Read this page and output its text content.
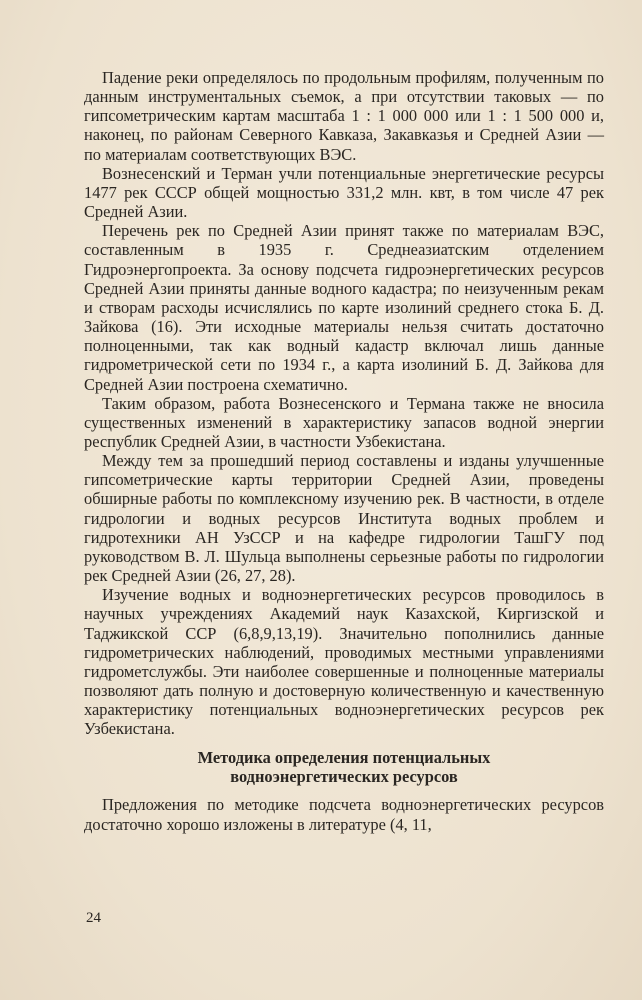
Падение реки определялось по продольным профилям, полученным по данным инструментальных съемок, а при отсутствии таковых — по гипсометрическим картам масштаба 1 : 1 000 000 или 1 : 1 500 000 и, наконец, по районам Северного Кавказа, Закавказья и Средней Азии — по материалам соответствующих ВЭС.

Вознесенский и Терман учли потенциальные энергетические ресурсы 1477 рек СССР общей мощностью 331,2 млн. квт, в том числе 47 рек Средней Азии.

Перечень рек по Средней Азии принят также по материалам ВЭС, составленным в 1935 г. Среднеазиатским отделением Гидроэнергопроекта. За основу подсчета гидроэнергетических ресурсов Средней Азии приняты данные водного кадастра; по неизученным рекам и створам расходы исчислялись по карте изолиний среднего стока Б. Д. Зайкова (16). Эти исходные материалы нельзя считать достаточно полноценными, так как водный кадастр включал лишь данные гидрометрической сети по 1934 г., а карта изолиний Б. Д. Зайкова для Средней Азии построена схематично.

Таким образом, работа Вознесенского и Термана также не вносила существенных изменений в характеристику запасов водной энергии республик Средней Азии, в частности Узбекистана.

Между тем за прошедший период составлены и изданы улучшенные гипсометрические карты территории Средней Азии, проведены обширные работы по комплексному изучению рек. В частности, в отделе гидрологии и водных ресурсов Института водных проблем и гидротехники АН УзССР и на кафедре гидрологии ТашГУ под руководством В. Л. Шульца выполнены серьезные работы по гидрологии рек Средней Азии (26, 27, 28).

Изучение водных и водноэнергетических ресурсов проводилось в научных учреждениях Академий наук Казахской, Киргизской и Таджикской ССР (6,8,9,13,19). Значительно пополнились данные гидрометрических наблюдений, проводимых местными управлениями гидрометслужбы. Эти наиболее совершенные и полноценные материалы позволяют дать полную и достоверную количественную и качественную характеристику потенциальных водноэнергетических ресурсов рек Узбекистана.

Методика определения потенциальных
водноэнергетических ресурсов

Предложения по методике подсчета водноэнергетических ресурсов достаточно хорошо изложены в литературе (4, 11,

24
